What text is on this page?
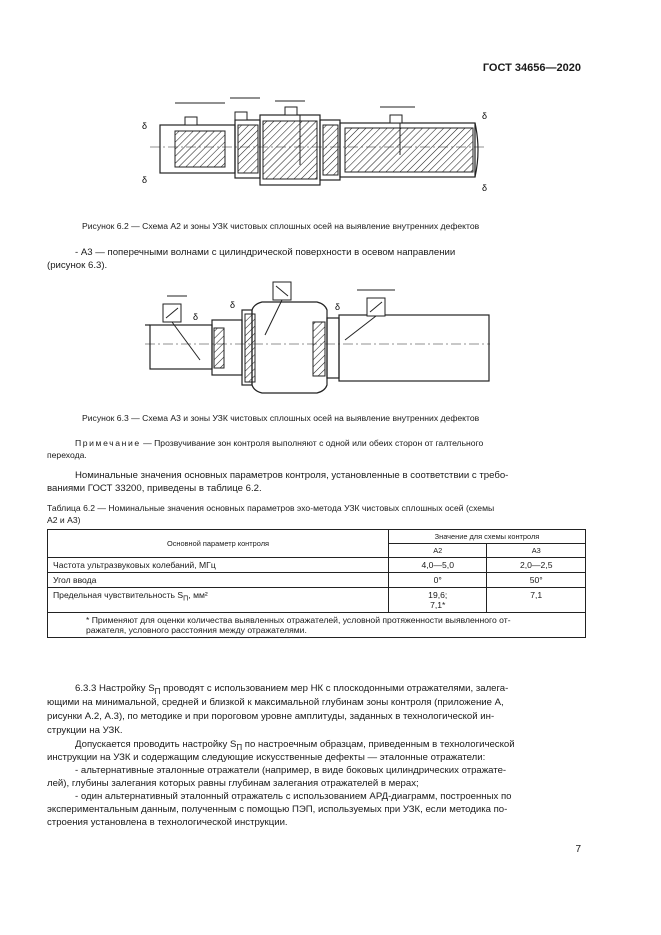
ГОСТ 34656—2020
δ
δ
δ
δ
Рисунок 6.2 — Схема А2 и зоны УЗК чистовых сплошных осей на выявление внутренних дефектов
- А3 — поперечными волнами с цилиндрической поверхности в осевом направлении
(рисунок 6.3).
δ
δ	δ
Рисунок 6.3 — Схема А3 и зоны УЗК чистовых сплошных осей на выявление внутренних дефектов
Примечание — Прозвучивание зон контроля выполняют с одной или обеих сторон от галтельного
перехода.
Номинальные значения основных параметров контроля, установленные в соответствии с требо-
ваниями ГОСТ 33200, приведены в таблице 6.2.
Таблица 6.2 — Номинальные значения основных параметров эхо-метода УЗК чистовых сплошных осей (схемы
А2 и А3)
Основной параметр контроля	Значение для схемы контроля	
	А2	А3
Частота ультразвуковых колебаний, МГц	4,0—5,0	2,0—2,5
Угол ввода	0°	50°
Предельная чувствительность $S_П$, мм²	19,6;
7,1*	7,1

* Применяют для оценки количества выявленных отражателей, условной протяженности выявленного от-
ражателя, условного расстояния между отражателями.		
6.3.3 Настройку $S_П$ проводят с использованием мер НК с плоскодонными отражателями, залега-
ющими на минимальной, средней и близкой к максимальной глубинам зоны контроля (приложение А,
рисунки А.2, А.3), по методике и при пороговом уровне амплитуды, заданных в технологической ин-
струкции на УЗК.
Допускается проводить настройку $S_П$ по настроечным образцам, приведенным в технологической
инструкции на УЗК и содержащим следующие искусственные дефекты — эталонные отражатели:
- альтернативные эталонные отражатели (например, в виде боковых цилиндрических отражате-
лей), глубины залегания которых равны глубинам залегания отражателей в мерах;
- один альтернативный эталонный отражатель с использованием АРД-диаграмм, построенных по
экспериментальным данным, полученным с помощью ПЭП, используемых при УЗК, если методика по-
строения установлена в технологической инструкции.
7
